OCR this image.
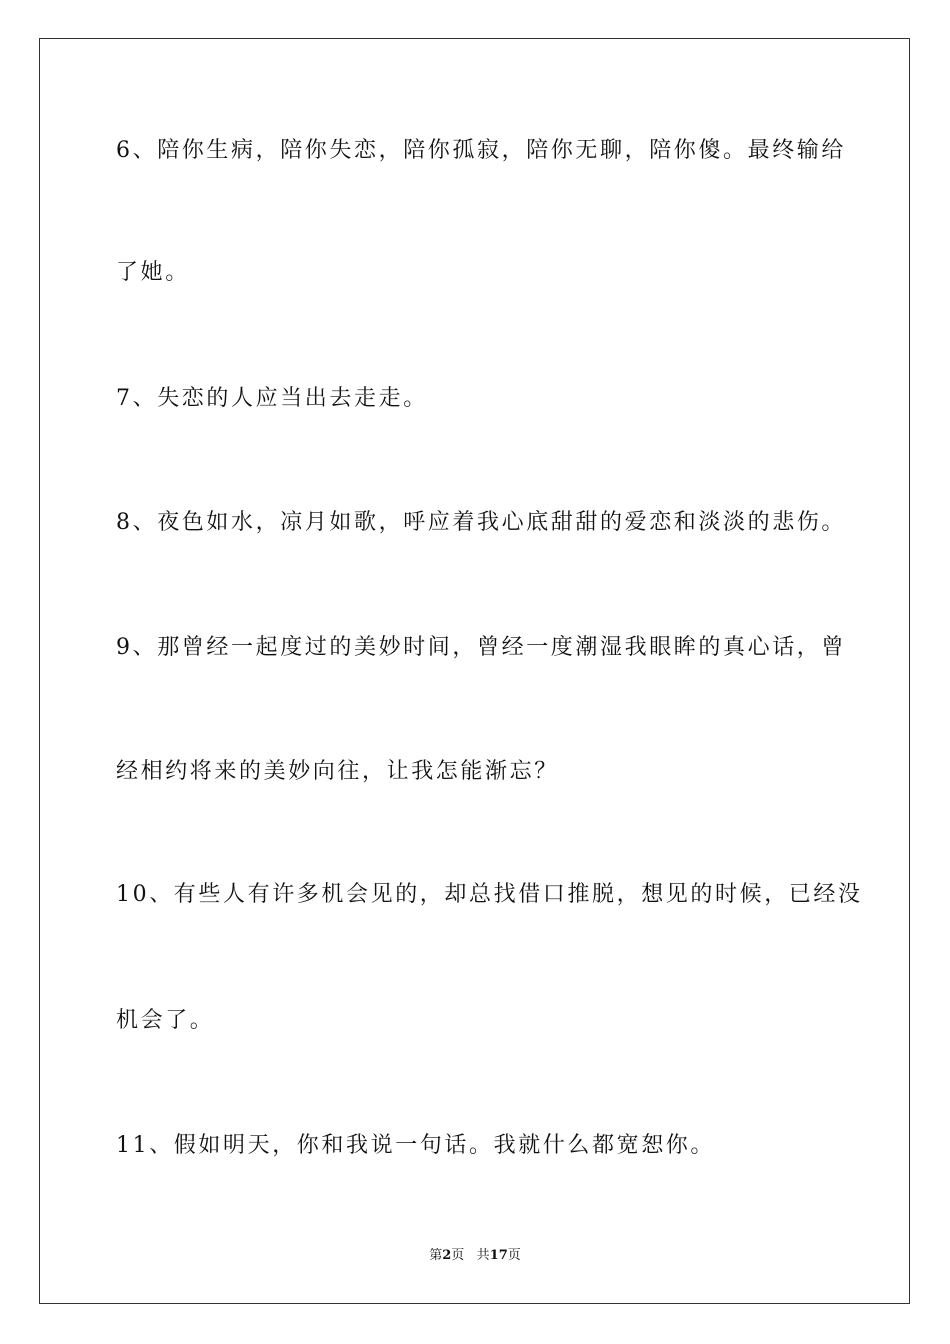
6、陪你生病，陪你失恋，陪你孤寂，陪你无聊，陪你傻。最终输给

了她。

7、失恋的人应当出去走走。

8、夜色如水，凉月如歌，呼应着我心底甜甜的爱恋和淡淡的悲伤。

9、那曾经一起度过的美妙时间，曾经一度潮湿我眼眸的真心话，曾

经相约将来的美妙向往，让我怎能渐忘？

10、有些人有许多机会见的，却总找借口推脱，想见的时候，已经没

机会了。

11、假如明天，你和我说一句话。我就什么都宽恕你。

第2页 共17页
